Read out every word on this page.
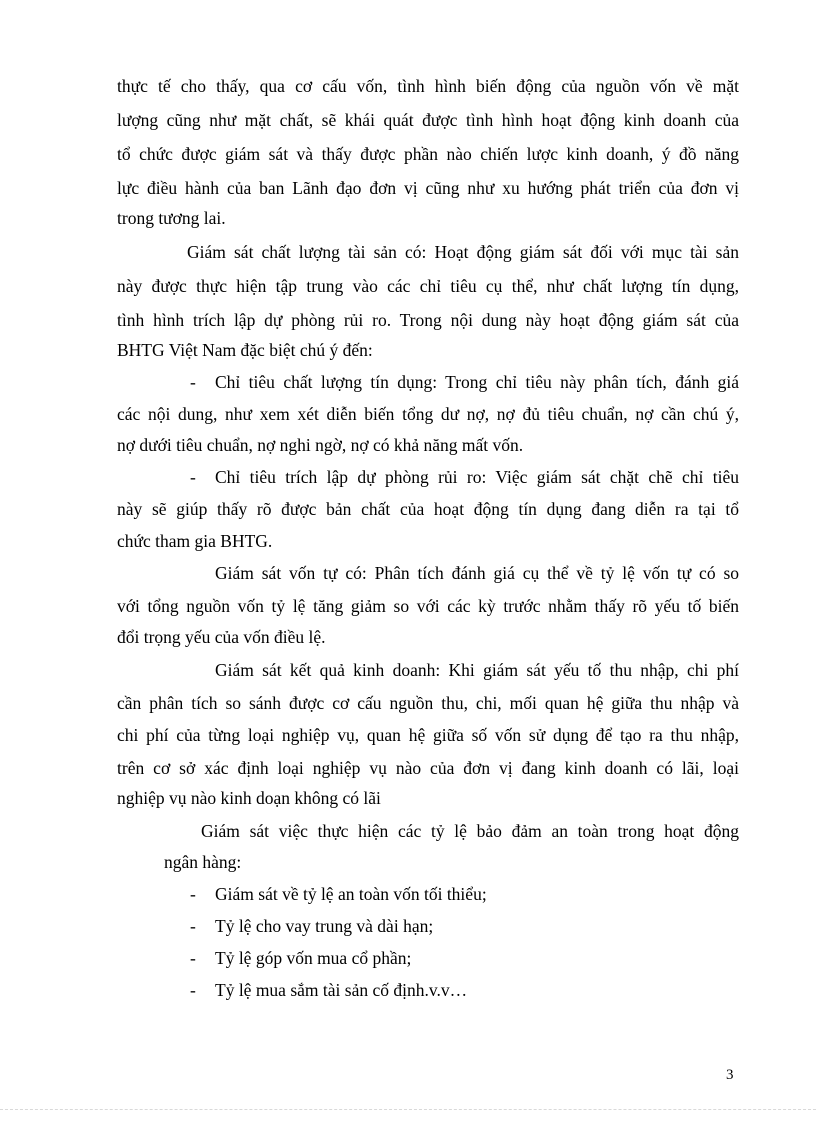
thực tế cho thấy, qua cơ cấu vốn, tình hình biến động của nguồn vốn về mặt
lượng cũng như mặt chất, sẽ khái quát được tình hình hoạt động kinh doanh của
tổ chức được giám sát và thấy được phần nào chiến lược kinh doanh, ý đồ năng
lực điều hành của ban Lãnh đạo đơn vị cũng như xu hướng phát triển của đơn vị
trong tương lai.
Giám sát chất lượng tài sản có: Hoạt động giám sát đối với mục tài sản
này được thực hiện tập trung vào các chỉ tiêu cụ thể, như chất lượng tín dụng,
tình hình trích lập dự phòng rủi ro. Trong nội dung này hoạt động giám sát của
BHTG Việt Nam đặc biệt chú ý đến:
- Chỉ tiêu chất lượng tín dụng: Trong chỉ tiêu này phân tích, đánh giá
các nội dung, như xem xét diễn biến tổng dư nợ, nợ đủ tiêu chuẩn, nợ cần chú ý,
nợ dưới tiêu chuẩn, nợ nghi ngờ, nợ có khả năng mất vốn.
- Chỉ tiêu trích lập dự phòng rủi ro: Việc giám sát chặt chẽ chỉ tiêu
này sẽ giúp thấy rõ được bản chất của hoạt động tín dụng đang diễn ra tại tổ
chức tham gia BHTG.
Giám sát vốn tự có: Phân tích đánh giá cụ thể về tỷ lệ vốn tự có so
với tổng nguồn vốn tỷ lệ tăng giảm so với các kỳ trước nhằm thấy rõ yếu tố biến
đổi trọng yếu của vốn điều lệ.
Giám sát kết quả kinh doanh: Khi giám sát yếu tố thu nhập, chi phí
cần phân tích so sánh được cơ cấu nguồn thu, chi, mối quan hệ giữa thu nhập và
chi phí của từng loại nghiệp vụ, quan hệ giữa số vốn sử dụng để tạo ra thu nhập,
trên cơ sở xác định loại nghiệp vụ nào của đơn vị đang kinh doanh có lãi, loại
nghiệp vụ nào kinh doạn không có lãi
Giám sát việc thực hiện các tỷ lệ bảo đảm an toàn trong hoạt động
ngân hàng:
- Giám sát về tỷ lệ an toàn vốn tối thiểu;
- Tỷ lệ cho vay trung và dài hạn;
- Tỷ lệ góp vốn mua cổ phần;
- Tỷ lệ mua sắm tài sản cố định.v.v…
3
